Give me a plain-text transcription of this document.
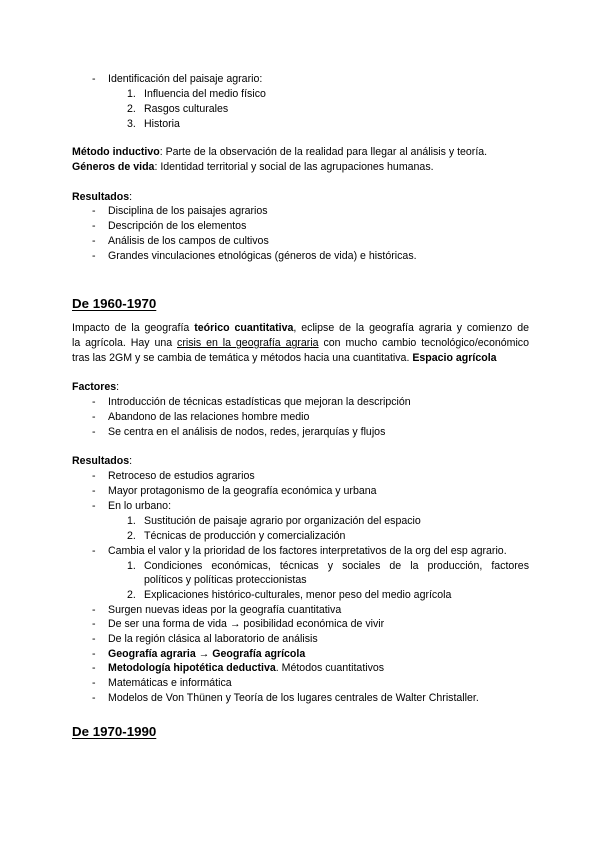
- Identificación del paisaje agrario:
1. Influencia del medio físico
2. Rasgos culturales
3. Historia

Método inductivo: Parte de la observación de la realidad para llegar al análisis y teoría.

Géneros de vida: Identidad territorial y social de las agrupaciones humanas.

Resultados:

- Disciplina de los paisajes agrarios
- Descripción de los elementos
- Análisis de los campos de cultivos
- Grandes vinculaciones etnológicas (géneros de vida) e históricas.
De 1960-1970

Impacto de la geografía teórico cuantitativa, eclipse de la geografía agraria y comienzo de

la agrícola. Hay una crisis en la geografía agraria con mucho cambio tecnológico/económico

tras las 2GM y se cambia de temática y métodos hacia una cuantitativa. Espacio agrícola

Factores:

- Introducción de técnicas estadísticas que mejoran la descripción
- Abandono de las relaciones hombre medio
- Se centra en el análisis de nodos, redes, jerarquías y flujos

Resultados:

- Retroceso de estudios agrarios
- Mayor protagonismo de la geografía económica y urbana
- En lo urbano:
1. Sustitución de paisaje agrario por organización del espacio
2. Técnicas de producción y comercialización
- Cambia el valor y la prioridad de los factores interpretativos de la org del esp agrario.
1. Condiciones económicas, técnicas y sociales de la producción, factores
políticos y políticas proteccionistas
2. Explicaciones histórico-culturales, menor peso del medio agrícola
- Surgen nuevas ideas por la geografía cuantitativa
- De ser una forma de vida → posibilidad económica de vivir
- De la región clásica al laboratorio de análisis
- Geografía agraria → Geografía agrícola
- Metodología hipotética deductiva. Métodos cuantitativos
- Matemáticas e informática
- Modelos de Von Thünen y Teoría de los lugares centrales de Walter Christaller.
De 1970-1990
